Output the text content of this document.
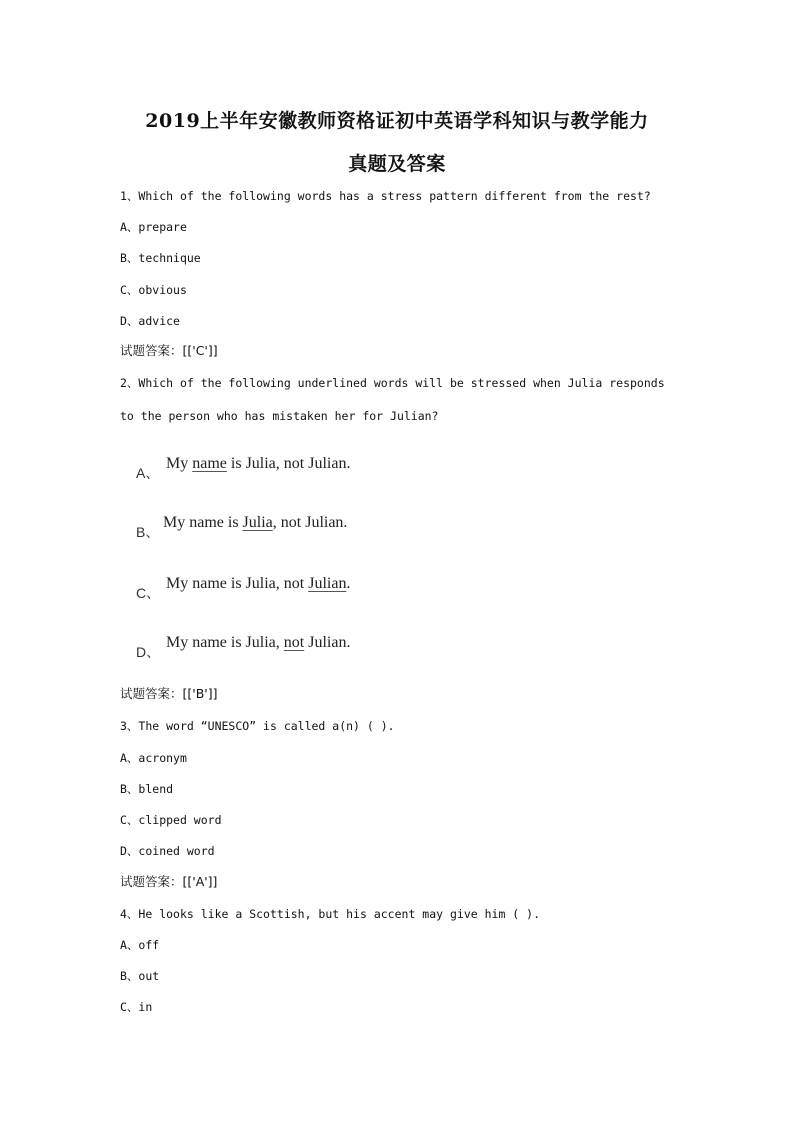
2019上半年安徽教师资格证初中英语学科知识与教学能力
真题及答案
1、Which of the following words has a stress pattern different from the rest?
A、prepare
B、technique
C、obvious
D、advice
试题答案：[['C']]
2、Which of the following underlined words will be stressed when Julia responds
to the person who has mistaken her for Julian?
A、
My name is Julia, not Julian.
B、
My name is Julia, not Julian.
C、
My name is Julia, not Julian.
D、
My name is Julia, not Julian.
试题答案：[['B']]
3、The word “UNESCO” is called a(n) ( ).
A、acronym
B、blend
C、clipped word
D、coined word
试题答案：[['A']]
4、He looks like a Scottish, but his accent may give him ( ).
A、off
B、out
C、in
